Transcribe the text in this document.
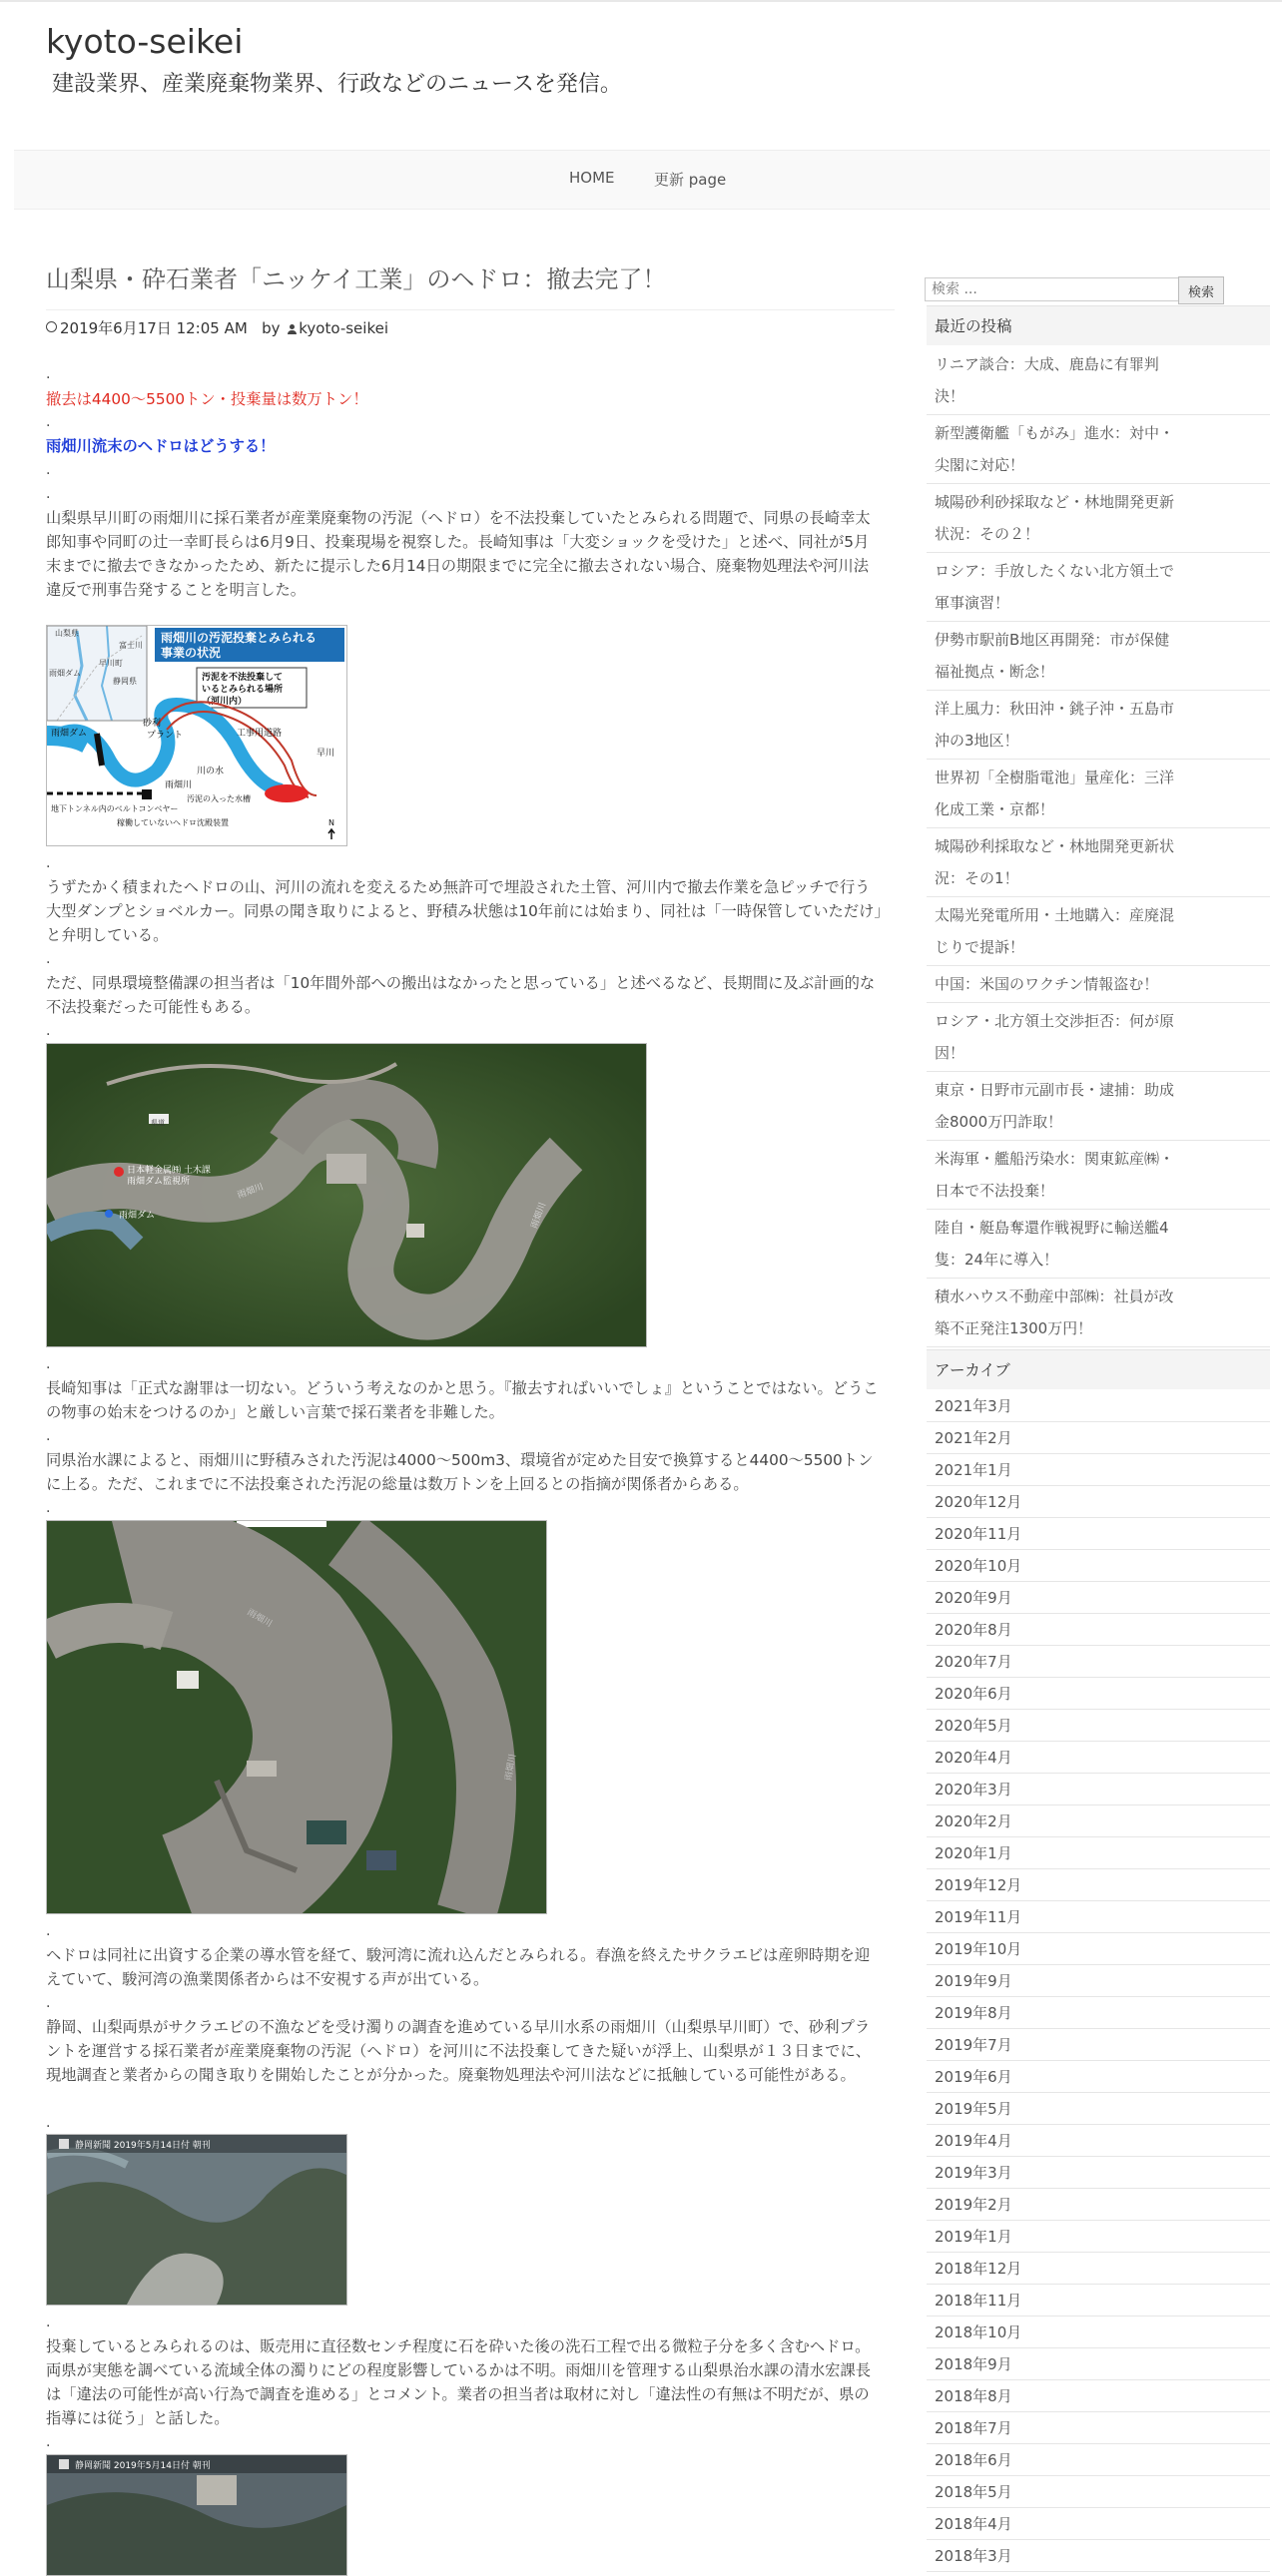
kyoto-seikei
建設業界、産業廃棄物業界、行政などのニュースを発信。
HOME	更新 page
山梨県・砕石業者「ニッケイ工業」のヘドロ：撤去完了！
2019年6月17日 12:05 AM by kyoto-seikei
.

撤去は4400～5500トン・投棄量は数万トン！

.

雨畑川流末のヘドロはどうする！

.
.

山梨県早川町の雨畑川に採石業者が産業廃棄物の汚泥（ヘドロ）を不法投棄していたとみられる問題で、同県の長崎幸太郎知事や同町の辻一幸町長らは6月9日、投棄現場を視察した。長崎知事は「大変ショックを受けた」と述べ、同社が5月末までに撤去できなかったため、新たに提示した6月14日の期限までに完全に撤去されない場合、廃棄物処理法や河川法違反で刑事告発することを明言した。

山梨県
早川町
静岡県
富士川
雨畑ダム
雨畑川の汚泥投棄とみられる
事業の状況
汚泥を不法投棄して
いるとみられる場所
（河川内）
雨畑ダム
早川
プラント
砂利
工事用道路
川の水
雨畑川
汚泥の入った水槽
地下トンネル内のベルトコンベヤー
稼働していないヘドロ沈殿装置	N
.

うずたかく積まれたヘドロの山、河川の流れを変えるため無許可で埋設された土管、河川内で撤去作業を急ピッチで行う大型ダンプとショベルカー。同県の聞き取りによると、野積み状態は10年前には始まり、同社は「一時保管していただけ」と弁明している。

.

ただ、同県環境整備課の担当者は「10年間外部への搬出はなかったと思っている」と述べるなど、長期間に及ぶ計画的な不法投棄だった可能性もある。

.
日本軽金属㈱ 土木課雨畑ダム監視所
雨畑ダム
県道
雨畑川
雨畑川
.

長崎知事は「正式な謝罪は一切ない。どういう考えなのかと思う。『撤去すればいいでしょ』ということではない。どうこの物事の始末をつけるのか」と厳しい言葉で採石業者を非難した。

.

同県治水課によると、雨畑川に野積みされた汚泥は4000～500m3、環境省が定めた目安で換算すると4400～5500トンに上る。ただ、これまでに不法投棄された汚泥の総量は数万トンを上回るとの指摘が関係者からある。

.
雨畑川
雨畑川
.

ヘドロは同社に出資する企業の導水管を経て、駿河湾に流れ込んだとみられる。春漁を終えたサクラエビは産卵時期を迎えていて、駿河湾の漁業関係者からは不安視する声が出ている。

.

静岡、山梨両県がサクラエビの不漁などを受け濁りの調査を進めている早川水系の雨畑川（山梨県早川町）で、砂利プラントを運営する採石業者が産業廃棄物の汚泥（ヘドロ）を河川に不法投棄してきた疑いが浮上、山梨県が１３日までに、現地調査と業者からの聞き取りを開始したことが分かった。廃棄物処理法や河川法などに抵触している可能性がある。

.
静岡新聞 2019年5月14日付 朝刊
.

投棄しているとみられるのは、販売用に直径数センチ程度に石を砕いた後の洗石工程で出る微粒子分を多く含むヘドロ。両県が実態を調べている流域全体の濁りにどの程度影響しているかは不明。雨畑川を管理する山梨県治水課の清水宏課長は「違法の可能性が高い行為で調査を進める」とコメント。業者の担当者は取材に対し「違法性の有無は不明だが、県の指導には従う」と話した。

.
静岡新聞 2019年5月14日付 朝刊
検索 ...
検索
最近の投稿
リニア談合：大成、鹿島に有罪判決！
新型護衛艦「もがみ」進水：対中・尖閣に対応！
城陽砂利砂採取など・林地開発更新状況：その２！
ロシア：手放したくない北方領土で軍事演習！
伊勢市駅前B地区再開発：市が保健福祉拠点・断念！
洋上風力：秋田沖・銚子沖・五島市沖の3地区！
世界初「全樹脂電池」量産化：三洋化成工業・京都！
城陽砂利採取など・林地開発更新状況：その1！
太陽光発電所用・土地購入：産廃混じりで提訴！
中国：米国のワクチン情報盗む！
ロシア・北方領土交渉拒否：何が原因！
東京・日野市元副市長・逮捕：助成金8000万円詐取！
米海軍・艦船汚染水：関東鉱産㈱・日本で不法投棄！
陸自・艇島奪還作戦視野に輸送艦4隻：24年に導入！
積水ハウス不動産中部㈱：社員が改築不正発注1300万円！
アーカイブ
2021年3月
2021年2月
2021年1月
2020年12月
2020年11月
2020年10月
2020年9月
2020年8月
2020年7月
2020年6月
2020年5月
2020年4月
2020年3月
2020年2月
2020年1月
2019年12月
2019年11月
2019年10月
2019年9月
2019年8月
2019年7月
2019年6月
2019年5月
2019年4月
2019年3月
2019年2月
2019年1月
2018年12月
2018年11月
2018年10月
2018年9月
2018年8月
2018年7月
2018年6月
2018年5月
2018年4月
2018年3月
